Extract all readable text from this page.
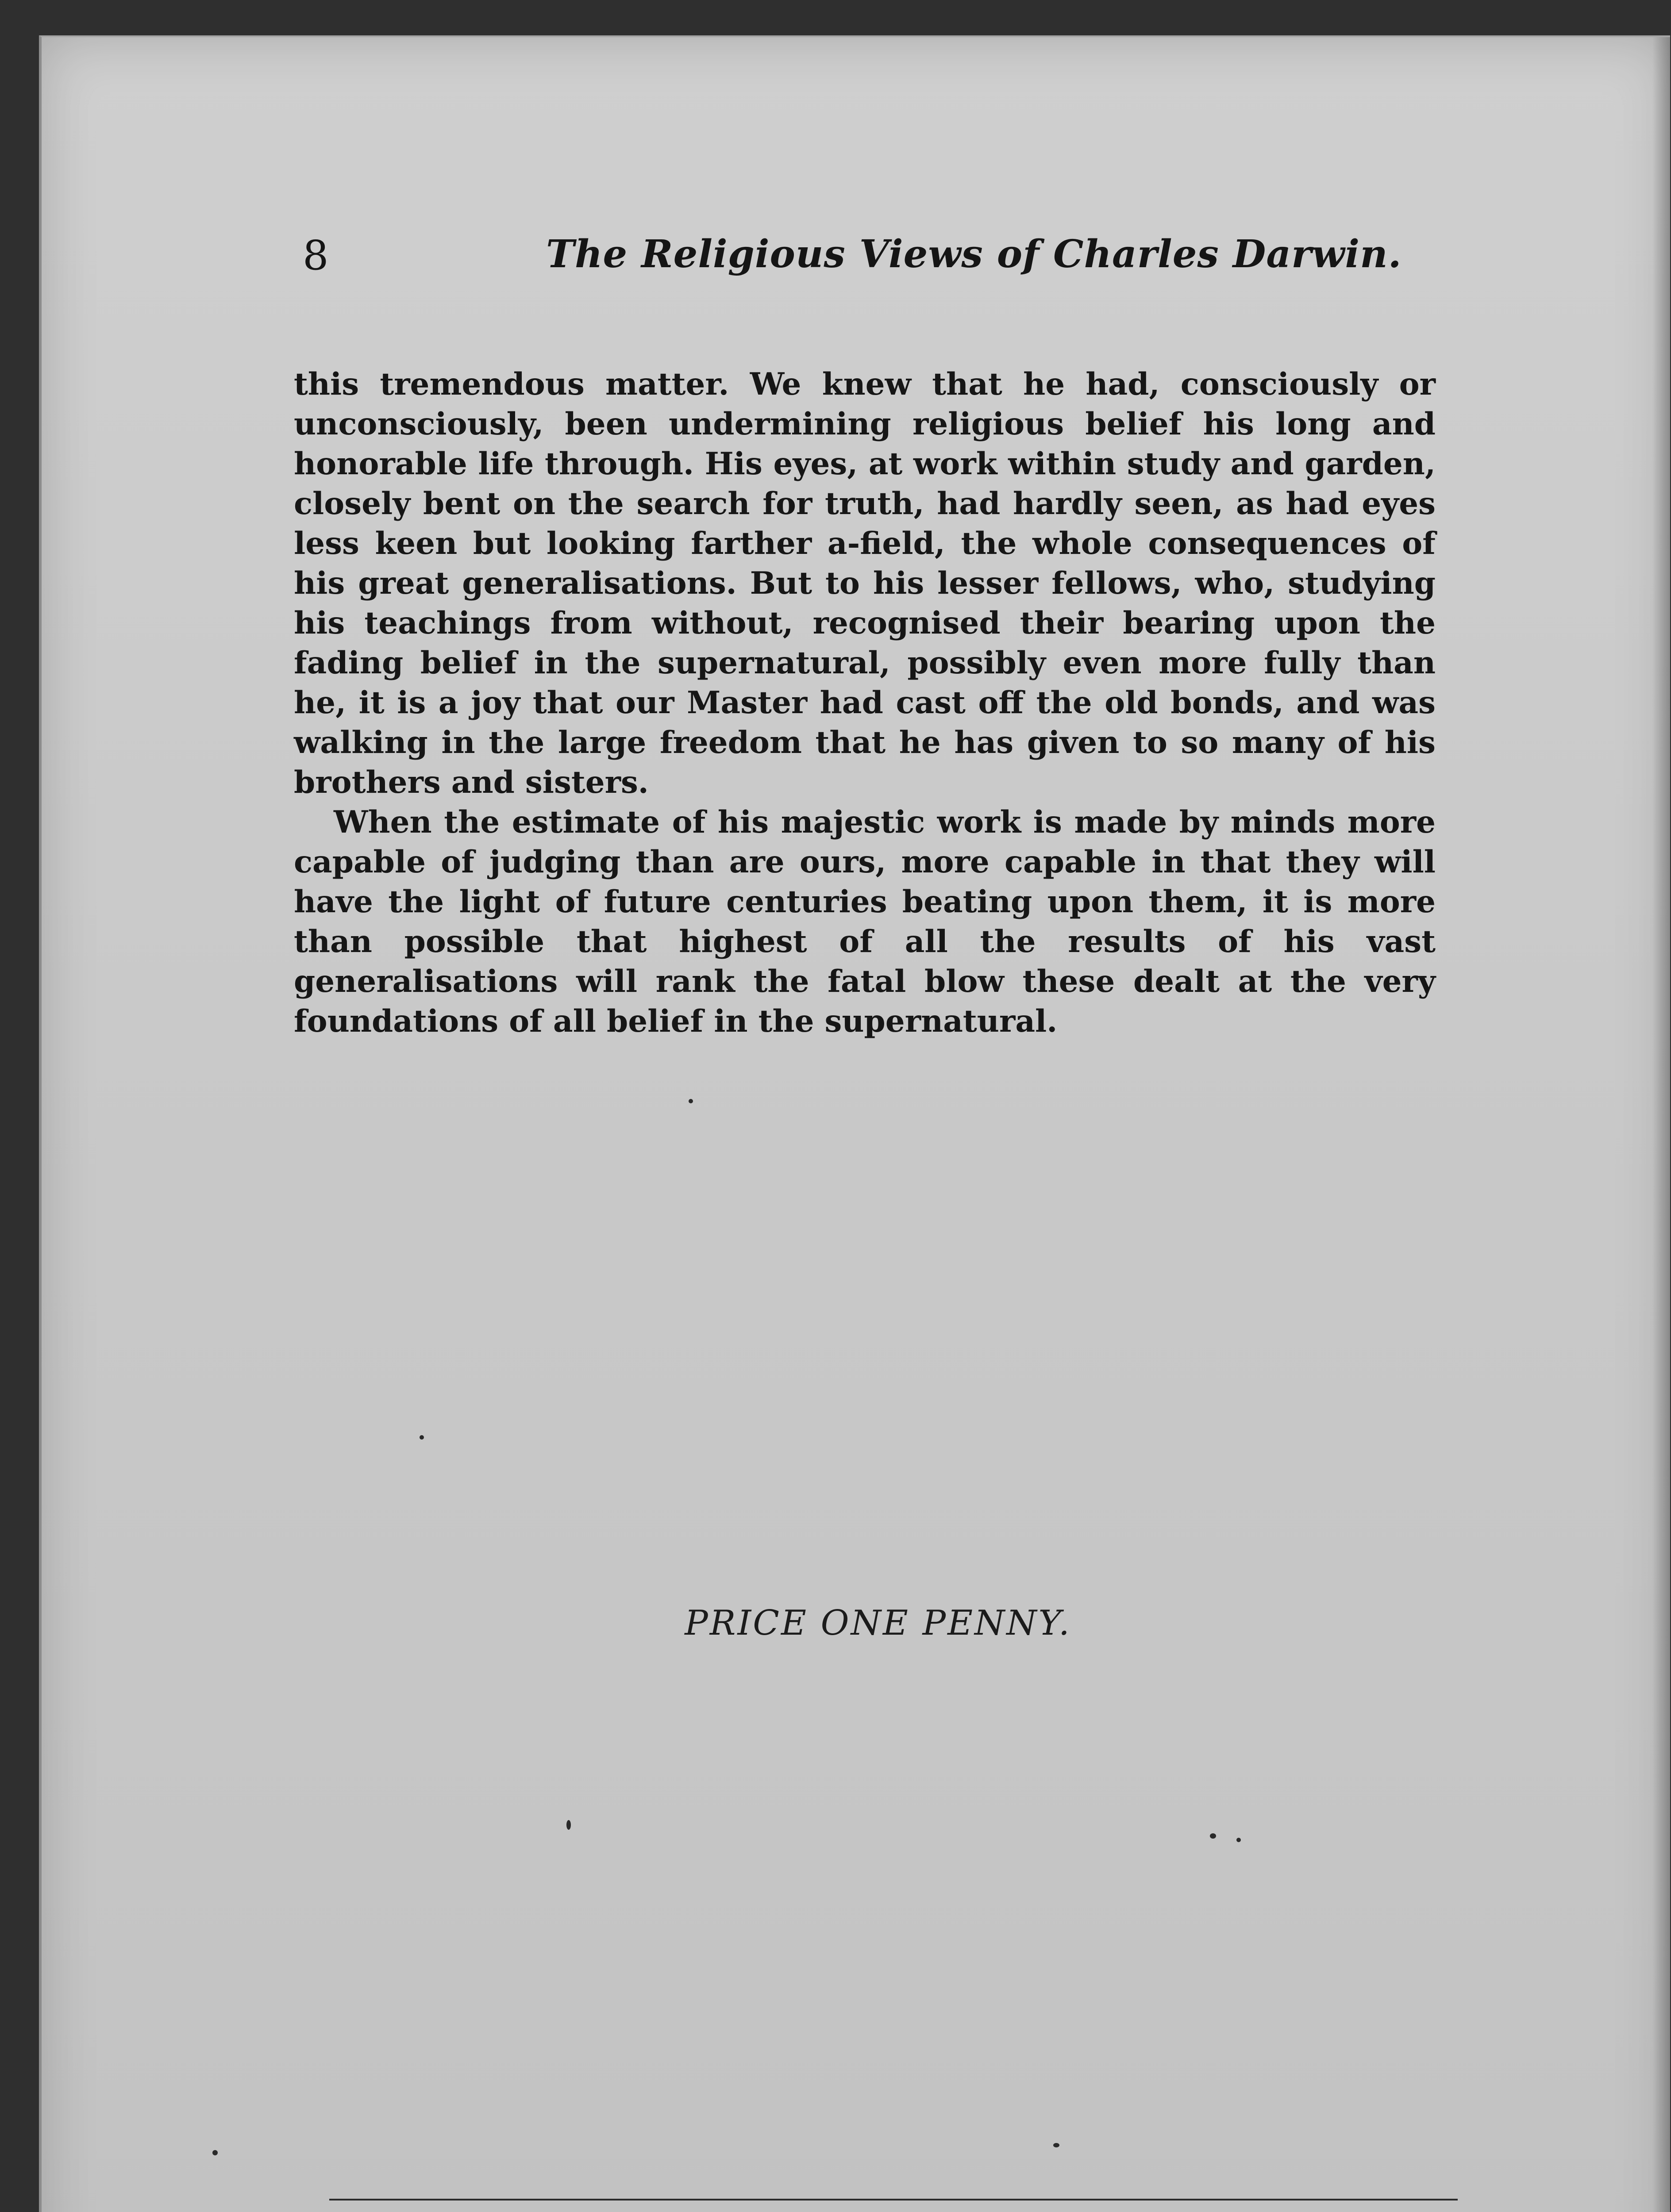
8	The Religious Views of Charles Darwin.

this tremendous matter. We knew that he had, consciously or unconsciously, been undermining religious belief his long and honorable life through. His eyes, at work within study and garden, closely bent on the search for truth, had hardly seen, as had eyes less keen but looking farther a-field, the whole consequences of his great generalisations. But to his lesser fellows, who, studying his teachings from without, recognised their bearing upon the fading belief in the supernatural, possibly even more fully than he, it is a joy that our Master had cast off the old bonds, and was walking in the large freedom that he has given to so many of his brothers and sisters.

When the estimate of his majestic work is made by minds more capable of judging than are ours, more capable in that they will have the light of future centuries beating upon them, it is more than possible that highest of all the results of his vast generalisations will rank the fatal blow these dealt at the very foundations of all belief in the supernatural.

PRICE ONE PENNY.
